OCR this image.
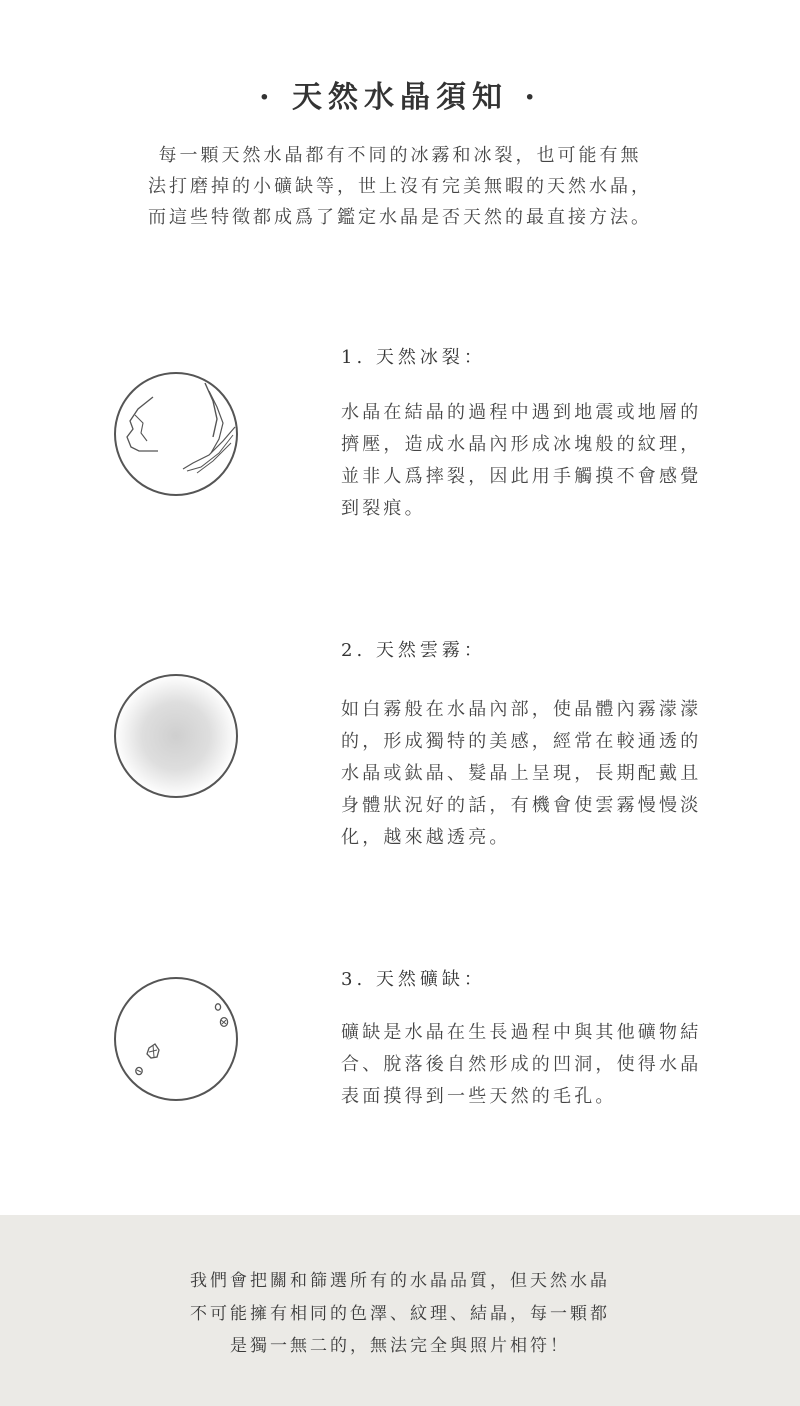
· 天然水晶須知 ·
每一顆天然水晶都有不同的冰霧和冰裂，也可能有無
法打磨掉的小礦缺等，世上沒有完美無暇的天然水晶，
而這些特徵都成爲了鑑定水晶是否天然的最直接方法。
1. 天然冰裂：
水晶在結晶的過程中遇到地震或地層的
擠壓，造成水晶內形成冰塊般的紋理，
並非人爲摔裂，因此用手觸摸不會感覺
到裂痕。
2. 天然雲霧：
如白霧般在水晶內部，使晶體內霧濛濛
的，形成獨特的美感，經常在較通透的
水晶或鈦晶、髮晶上呈現，長期配戴且
身體狀況好的話，有機會使雲霧慢慢淡
化，越來越透亮。
3. 天然礦缺：
礦缺是水晶在生長過程中與其他礦物結
合、脫落後自然形成的凹洞，使得水晶
表面摸得到一些天然的毛孔。
我們會把關和篩選所有的水晶品質，但天然水晶
不可能擁有相同的色澤、紋理、結晶，每一顆都
是獨一無二的，無法完全與照片相符！
